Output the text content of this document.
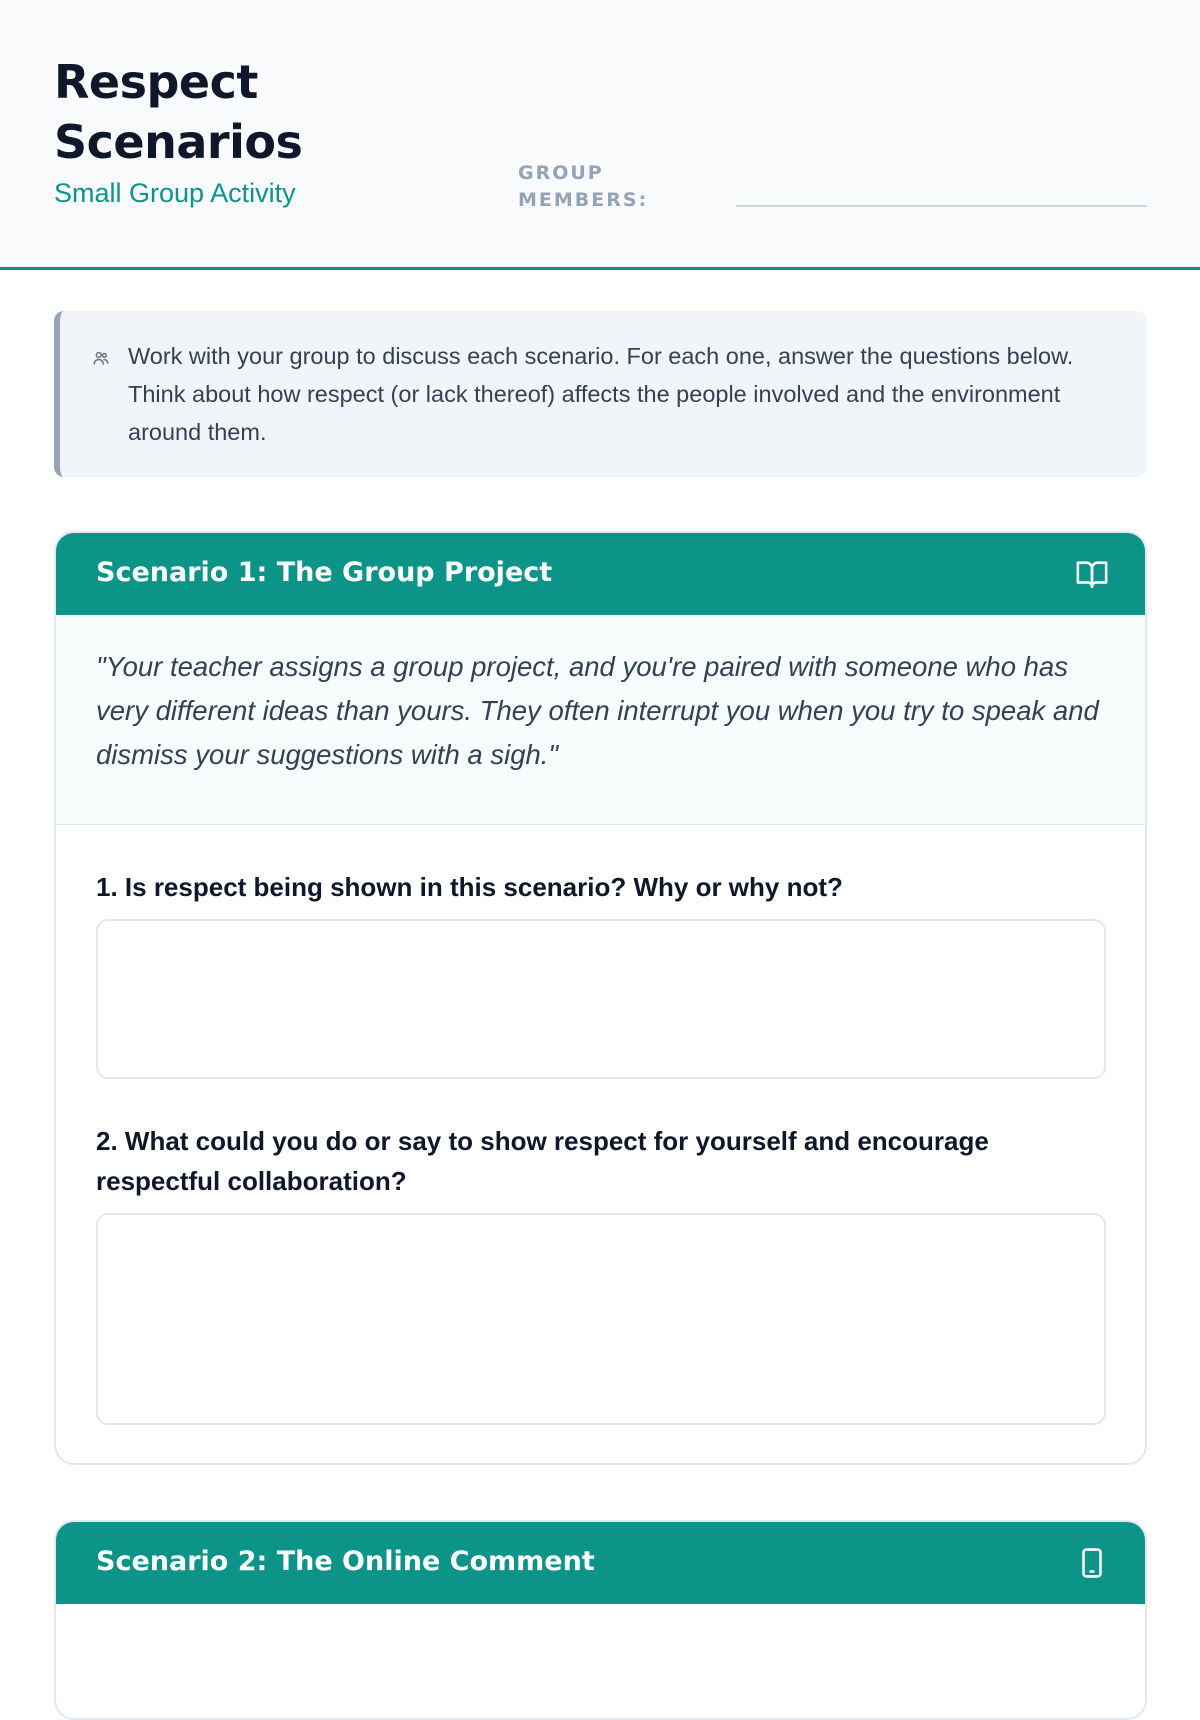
Respect Scenarios
Small Group Activity
GROUP MEMBERS:

Work with your group to discuss each scenario. For each one, answer the questions below. Think about how respect (or lack thereof) affects the people involved and the environment around them.

Scenario 1: The Group Project

"Your teacher assigns a group project, and you're paired with someone who has very different ideas than yours. They often interrupt you when you try to speak and dismiss your suggestions with a sigh."

1. Is respect being shown in this scenario? Why or why not?
2. What could you do or say to show respect for yourself and encourage respectful collaboration?
Scenario 2: The Online Comment
